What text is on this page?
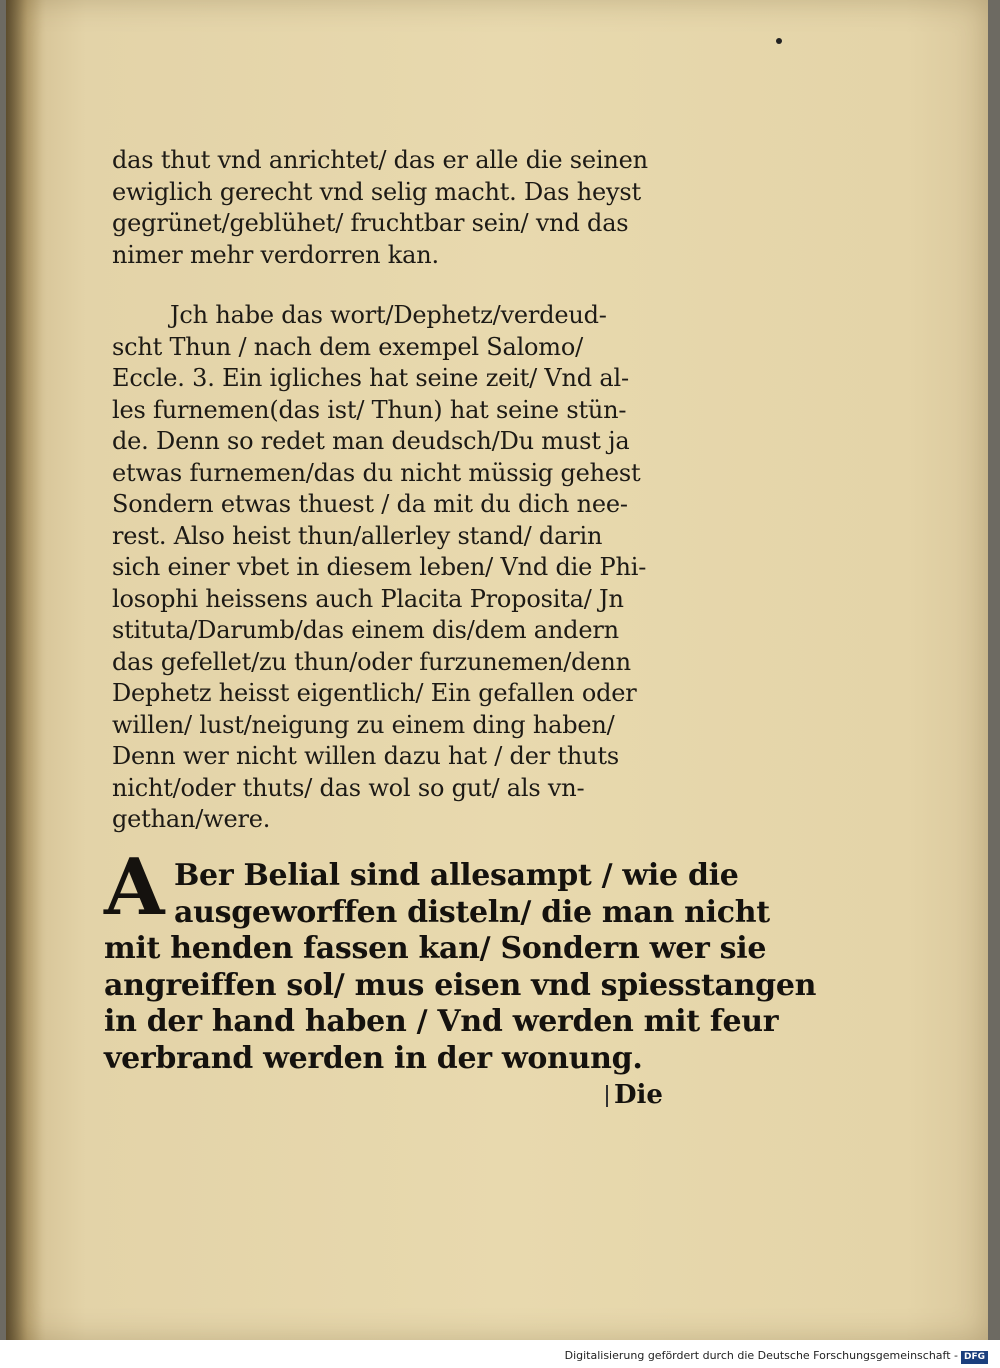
das thut vnd anrichtet/ das er alle die seinen
ewiglich gerecht vnd selig macht. Das heyst
gegrünet/geblühet/ fruchtbar sein/ vnd das
nimer mehr verdorren kan.
Jch habe das wort/Dephetz/verdeud-
scht Thun / nach dem exempel Salomo/
Eccle. 3. Ein igliches hat seine zeit/ Vnd al-
les furnemen(das ist/ Thun) hat seine stün-
de. Denn so redet man deudsch/Du must ja
etwas furnemen/das du nicht müssig gehest
Sondern etwas thuest / da mit du dich nee-
rest. Also heist thun/allerley stand/ darin
sich einer vbet in diesem leben/ Vnd die Phi-
losophi heissens auch Placita Proposita/ Jn
stituta/Darumb/das einem dis/dem andern
das gefellet/zu thun/oder furzunemen/denn
Dephetz heisst eigentlich/ Ein gefallen oder
willen/ lust/neigung zu einem ding haben/
Denn wer nicht willen dazu hat / der thuts
nicht/oder thuts/ das wol so gut/ als vn-
gethan/were.
A Ber Belial sind allesampt / wie die
ausgeworffen disteln/ die man nicht
mit henden fassen kan/ Sondern wer sie
angreiffen sol/ mus eisen vnd spiesstangen
in der hand haben / Vnd werden mit feur
verbrand werden in der wonung.
Die
Digitalisierung gefördert durch die Deutsche Forschungsgemeinschaft - DFG
